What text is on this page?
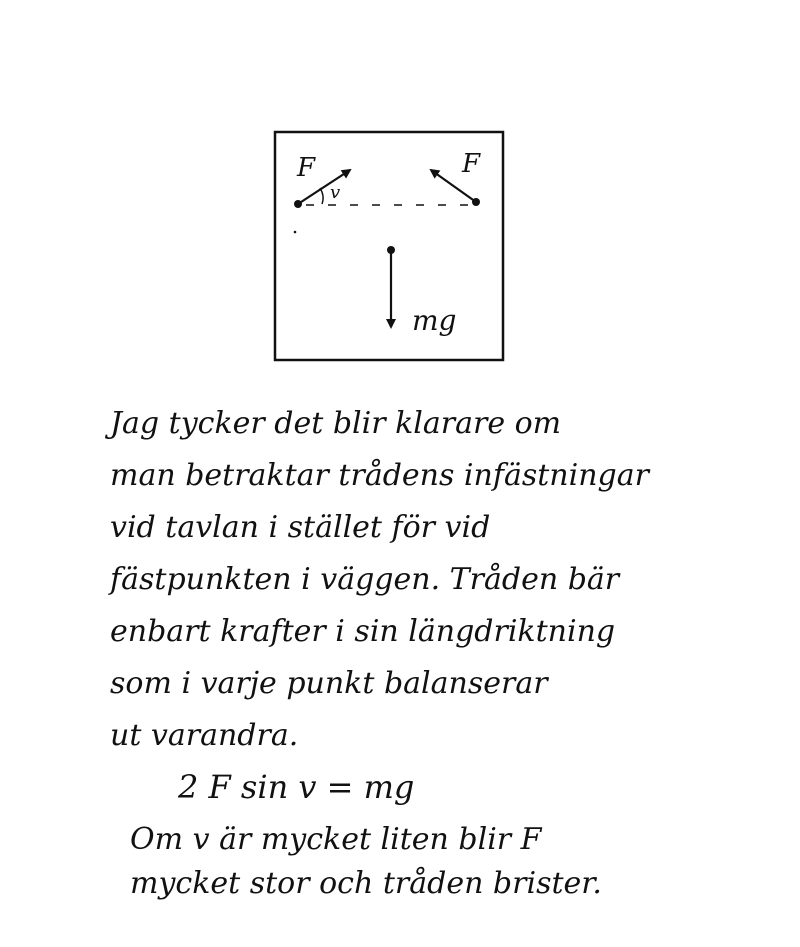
F	F
v
mg
Jag tycker det blir klarare om
man betraktar trådens infästningar
vid tavlan i stället för vid
fästpunkten i väggen. Tråden bär
enbart krafter i sin längdriktning
som i varje punkt balanserar
ut varandra.
2 F sin v = mg
Om v är mycket liten blir F
mycket stor och tråden brister.
